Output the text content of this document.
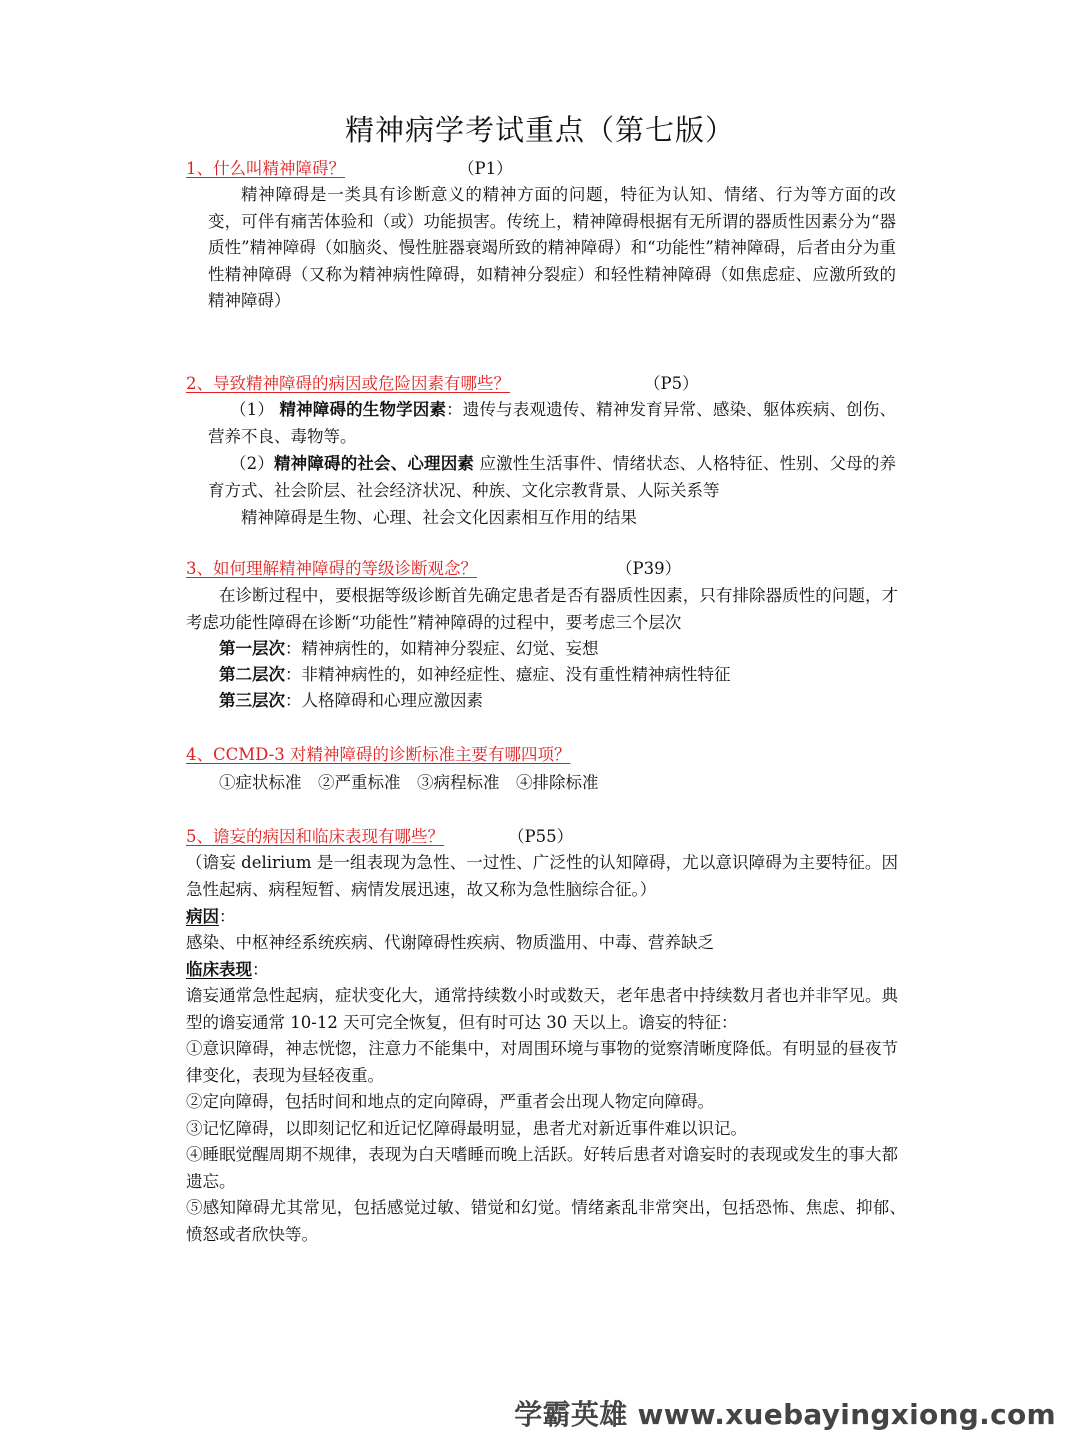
精神病学考试重点（第七版）
1、什么叫精神障碍？	（P1）
精神障碍是一类具有诊断意义的精神方面的问题，特征为认知、情绪、行为等方面的改变，可伴有痛苦体验和（或）功能损害。传统上，精神障碍根据有无所谓的器质性因素分为“器质性”精神障碍（如脑炎、慢性脏器衰竭所致的精神障碍）和“功能性”精神障碍，后者由分为重性精神障碍（又称为精神病性障碍，如精神分裂症）和轻性精神障碍（如焦虑症、应激所致的精神障碍）
2、导致精神障碍的病因或危险因素有哪些？	（P5）
（1） 精神障碍的生物学因素：遗传与表观遗传、精神发育异常、感染、躯体疾病、创伤、营养不良、毒物等。
（2）精神障碍的社会、心理因素 应激性生活事件、情绪状态、人格特征、性别、父母的养育方式、社会阶层、社会经济状况、种族、文化宗教背景、人际关系等
精神障碍是生物、心理、社会文化因素相互作用的结果
3、如何理解精神障碍的等级诊断观念？	（P39）
在诊断过程中，要根据等级诊断首先确定患者是否有器质性因素，只有排除器质性的问题，才考虑功能性障碍在诊断“功能性”精神障碍的过程中，要考虑三个层次
第一层次：精神病性的，如精神分裂症、幻觉、妄想
第二层次：非精神病性的，如神经症性、癔症、没有重性精神病性特征
第三层次：人格障碍和心理应激因素
4、CCMD-3 对精神障碍的诊断标准主要有哪四项？
①症状标准　②严重标准　③病程标准　④排除标准
5、谵妄的病因和临床表现有哪些？	（P55）
（谵妄 delirium 是一组表现为急性、一过性、广泛性的认知障碍，尤以意识障碍为主要特征。因急性起病、病程短暂、病情发展迅速，故又称为急性脑综合征。）
病因：
感染、中枢神经系统疾病、代谢障碍性疾病、物质滥用、中毒、营养缺乏
临床表现：
谵妄通常急性起病，症状变化大，通常持续数小时或数天，老年患者中持续数月者也并非罕见。典型的谵妄通常 10-12 天可完全恢复，但有时可达 30 天以上。谵妄的特征：
①意识障碍，神志恍惚，注意力不能集中，对周围环境与事物的觉察清晰度降低。有明显的昼夜节律变化，表现为昼轻夜重。
②定向障碍，包括时间和地点的定向障碍，严重者会出现人物定向障碍。
③记忆障碍，以即刻记忆和近记忆障碍最明显，患者尤对新近事件难以识记。
④睡眠觉醒周期不规律，表现为白天嗜睡而晚上活跃。好转后患者对谵妄时的表现或发生的事大都遗忘。
⑤感知障碍尤其常见，包括感觉过敏、错觉和幻觉。情绪紊乱非常突出，包括恐怖、焦虑、抑郁、愤怒或者欣快等。
学霸英雄 www.xuebayingxiong.com
